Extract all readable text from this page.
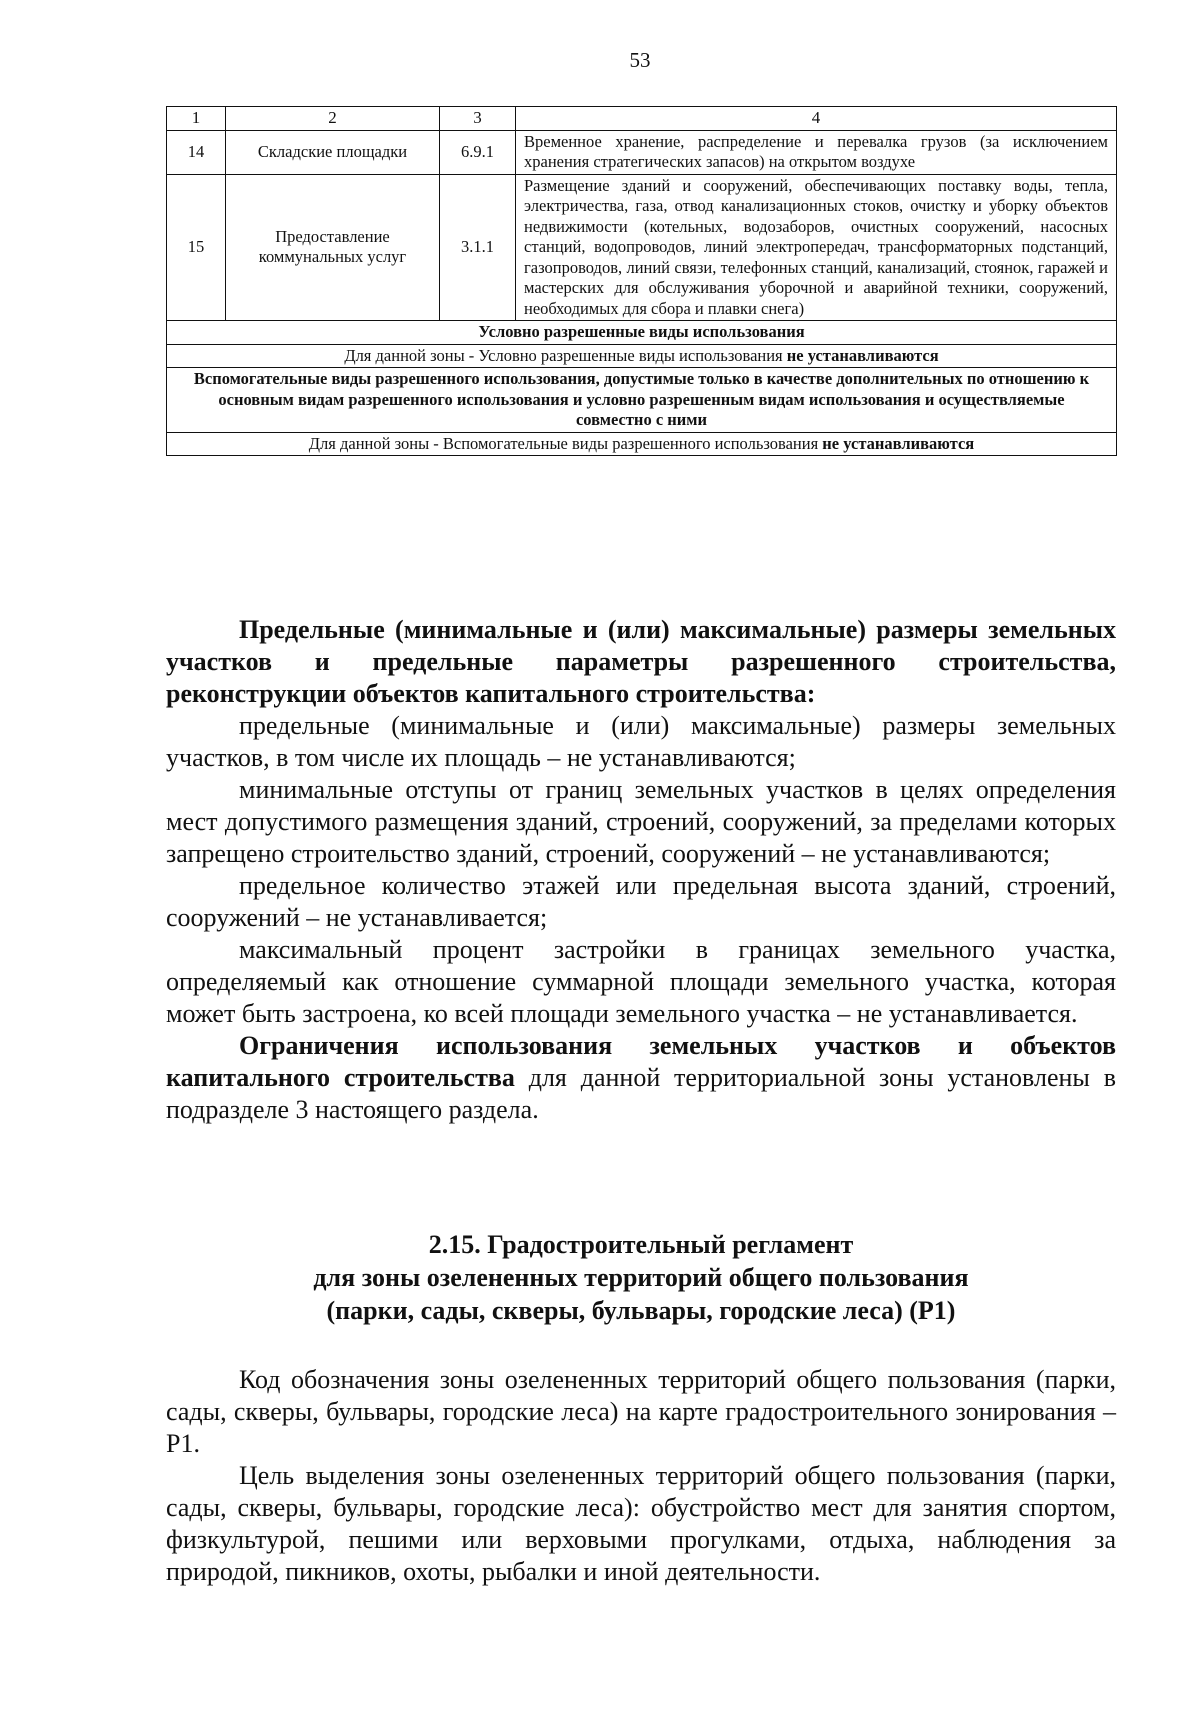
53
1	2	3	4
14	Складские площадки	6.9.1	Временное хранение, распределение и перевалка грузов (за исключением хранения стратегических запасов) на открытом воздухе
15	Предоставление коммунальных услуг	3.1.1	Размещение зданий и сооружений, обеспечивающих поставку воды, тепла, электричества, газа, отвод канализационных стоков, очистку и уборку объектов недвижимости (котельных, водозаборов, очистных сооружений, насосных станций, водопроводов, линий электропередач, трансформаторных подстанций, газопроводов, линий связи, телефонных станций, канализаций, стоянок, гаражей и мастерских для обслуживания уборочной и аварийной техники, сооружений, необходимых для сбора и плавки снега)
Условно разрешенные виды использования			
Для данной зоны - Условно разрешенные виды использования не устанавливаются			
Вспомогательные виды разрешенного использования, допустимые только в качестве дополнительных по отношению к основным видам разрешенного использования и условно разрешенным видам использования и осуществляемые совместно с ними			
Для данной зоны - Вспомогательные виды разрешенного использования не устанавливаются			

Предельные (минимальные и (или) максимальные) размеры земельных участков и предельные параметры разрешенного строительства, реконструкции объектов капитального строительства:

предельные (минимальные и (или) максимальные) размеры земельных участков, в том числе их площадь – не устанавливаются;

минимальные отступы от границ земельных участков в целях определения мест допустимого размещения зданий, строений, сооружений, за пределами которых запрещено строительство зданий, строений, сооружений – не устанавливаются;

предельное количество этажей или предельная высота зданий, строений, сооружений – не устанавливается;

максимальный процент застройки в границах земельного участка, определяемый как отношение суммарной площади земельного участка, которая может быть застроена, ко всей площади земельного участка – не устанавливается.

Ограничения использования земельных участков и объектов капитального строительства для данной территориальной зоны установлены в подразделе 3 настоящего раздела.

2.15. Градостроительный регламент
для зоны озелененных территорий общего пользования
(парки, сады, скверы, бульвары, городские леса) (Р1)

Код обозначения зоны озелененных территорий общего пользования (парки, сады, скверы, бульвары, городские леса) на карте градостроительного зонирования – Р1.

Цель выделения зоны озелененных территорий общего пользования (парки, сады, скверы, бульвары, городские леса): обустройство мест для занятия спортом, физкультурой, пешими или верховыми прогулками, отдыха, наблюдения за природой, пикников, охоты, рыбалки и иной деятельности.
